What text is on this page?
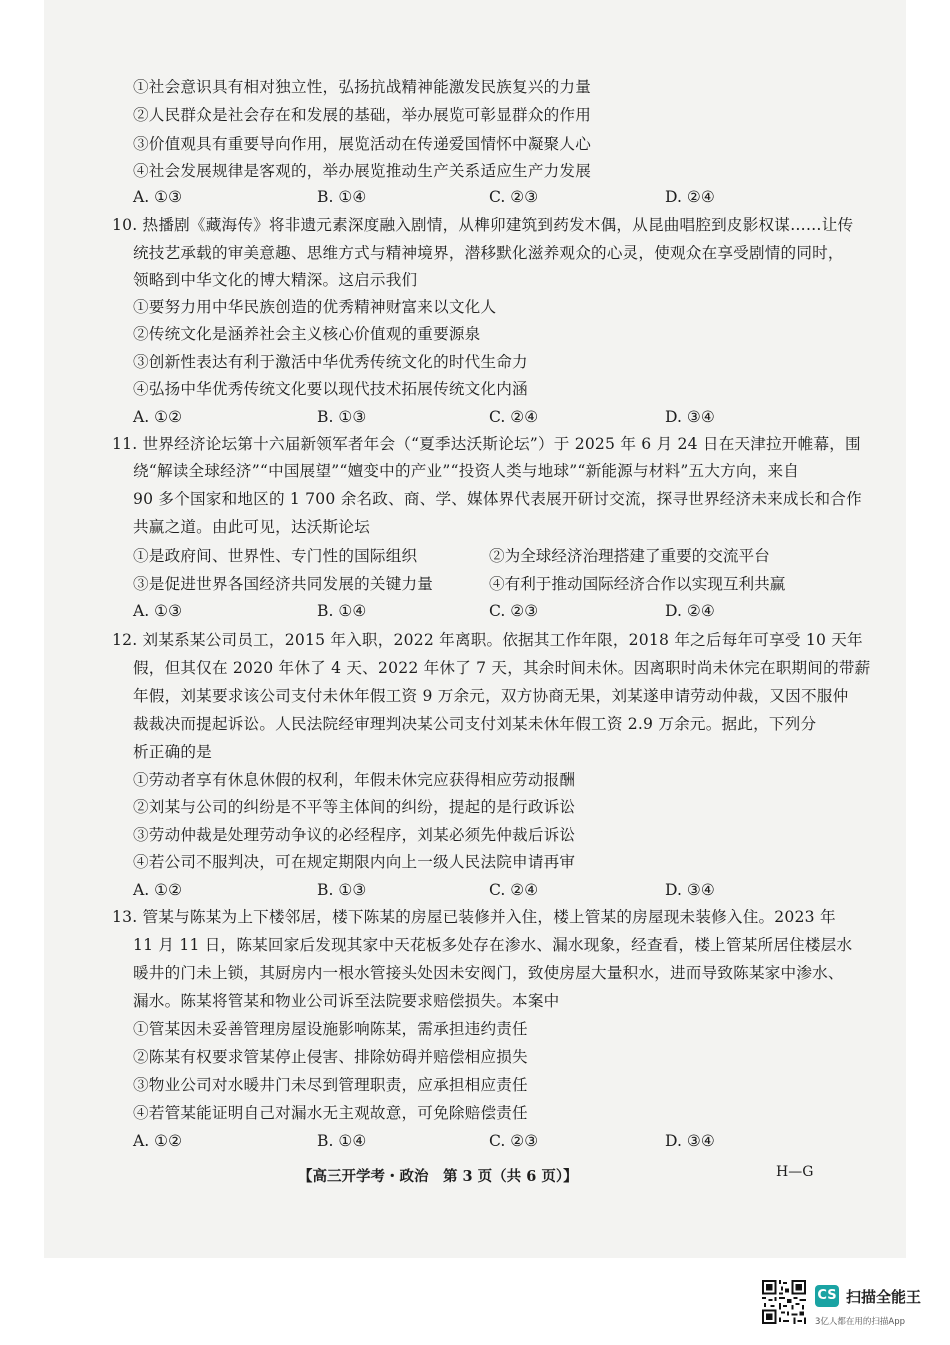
①社会意识具有相对独立性，弘扬抗战精神能激发民族复兴的力量
②人民群众是社会存在和发展的基础，举办展览可彰显群众的作用
③价值观具有重要导向作用，展览活动在传递爱国情怀中凝聚人心
④社会发展规律是客观的，举办展览推动生产关系适应生产力发展
A. ①③	B. ①④	C. ②③	D. ②④
10. 热播剧《藏海传》将非遗元素深度融入剧情，从榫卯建筑到药发木偶，从昆曲唱腔到皮影权谋……让传
统技艺承载的审美意趣、思维方式与精神境界，潜移默化滋养观众的心灵，使观众在享受剧情的同时，
领略到中华文化的博大精深。这启示我们
①要努力用中华民族创造的优秀精神财富来以文化人
②传统文化是涵养社会主义核心价值观的重要源泉
③创新性表达有利于激活中华优秀传统文化的时代生命力
④弘扬中华优秀传统文化要以现代技术拓展传统文化内涵
A. ①②	B. ①③	C. ②④	D. ③④
11. 世界经济论坛第十六届新领军者年会（“夏季达沃斯论坛”）于 2025 年 6 月 24 日在天津拉开帷幕，围
绕“解读全球经济”“中国展望”“嬗变中的产业”“投资人类与地球”“新能源与材料”五大方向，来自
90 多个国家和地区的 1 700 余名政、商、学、媒体界代表展开研讨交流，探寻世界经济未来成长和合作
共赢之道。由此可见，达沃斯论坛
①是政府间、世界性、专门性的国际组织	②为全球经济治理搭建了重要的交流平台
③是促进世界各国经济共同发展的关键力量	④有利于推动国际经济合作以实现互利共赢
A. ①③	B. ①④	C. ②③	D. ②④
12. 刘某系某公司员工，2015 年入职，2022 年离职。依据其工作年限，2018 年之后每年可享受 10 天年
假，但其仅在 2020 年休了 4 天、2022 年休了 7 天，其余时间未休。因离职时尚未休完在职期间的带薪
年假，刘某要求该公司支付未休年假工资 9 万余元，双方协商无果，刘某遂申请劳动仲裁，又因不服仲
裁裁决而提起诉讼。人民法院经审理判决某公司支付刘某未休年假工资 2.9 万余元。据此，下列分
析正确的是
①劳动者享有休息休假的权利，年假未休完应获得相应劳动报酬
②刘某与公司的纠纷是不平等主体间的纠纷，提起的是行政诉讼
③劳动仲裁是处理劳动争议的必经程序，刘某必须先仲裁后诉讼
④若公司不服判决，可在规定期限内向上一级人民法院申请再审
A. ①②	B. ①③	C. ②④	D. ③④
13. 管某与陈某为上下楼邻居，楼下陈某的房屋已装修并入住，楼上管某的房屋现未装修入住。2023 年
11 月 11 日，陈某回家后发现其家中天花板多处存在渗水、漏水现象，经查看，楼上管某所居住楼层水
暖井的门未上锁，其厨房内一根水管接头处因未安阀门，致使房屋大量积水，进而导致陈某家中渗水、
漏水。陈某将管某和物业公司诉至法院要求赔偿损失。本案中
①管某因未妥善管理房屋设施影响陈某，需承担违约责任
②陈某有权要求管某停止侵害、排除妨碍并赔偿相应损失
③物业公司对水暖井门未尽到管理职责，应承担相应责任
④若管某能证明自己对漏水无主观故意，可免除赔偿责任
A. ①②	B. ①④	C. ②③	D. ③④
【高三开学考・政治　第 3 页（共 6 页）】	H—G
CS 扫描全能王
3亿人都在用的扫描App
